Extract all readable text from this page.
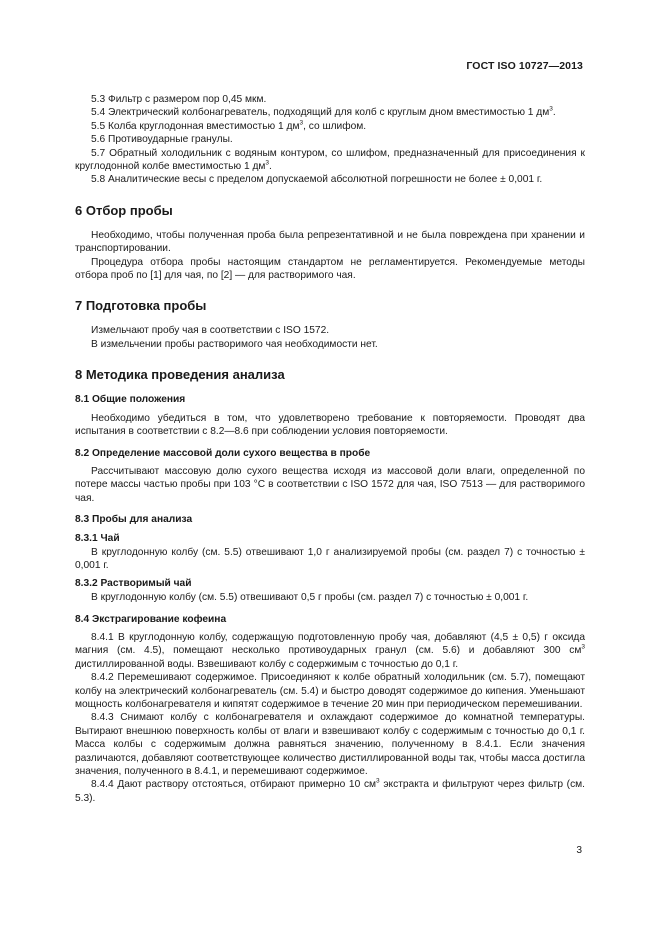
ГОСТ ISO 10727—2013

5.3 Фильтр с размером пор 0,45 мкм.

5.4 Электрический колбонагреватель, подходящий для колб с круглым дном вместимостью 1 $дм^3$.

5.5 Колба круглодонная вместимостью 1 $дм^3$, со шлифом.

5.6 Противоударные гранулы.

5.7 Обратный холодильник с водяным контуром, со шлифом, предназначенный для присоединения к круглодонной колбе вместимостью 1 $дм^3$.

5.8 Аналитические весы с пределом допускаемой абсолютной погрешности не более ± 0,001 г.

6 Отбор пробы

Необходимо, чтобы полученная проба была репрезентативной и не была повреждена при хранении и транспортировании.

Процедура отбора пробы настоящим стандартом не регламентируется. Рекомендуемые методы отбора проб по [1] для чая, по [2] — для растворимого чая.

7 Подготовка пробы

Измельчают пробу чая в соответствии с ISO 1572.

В измельчении пробы растворимого чая необходимости нет.

8 Методика проведения анализа
8.1 Общие положения

Необходимо убедиться в том, что удовлетворено требование к повторяемости. Проводят два испытания в соответствии с 8.2—8.6 при соблюдении условия повторяемости.

8.2 Определение массовой доли сухого вещества в пробе

Рассчитывают массовую долю сухого вещества исходя из массовой доли влаги, определенной по потере массы частью пробы при 103 °С в соответствии с ISO 1572 для чая, ISO 7513 — для растворимого чая.

8.3 Пробы для анализа
8.3.1 Чай

В круглодонную колбу (см. 5.5) отвешивают 1,0 г анализируемой пробы (см. раздел 7) с точностью ± 0,001 г.

8.3.2 Растворимый чай

В круглодонную колбу (см. 5.5) отвешивают 0,5 г пробы (см. раздел 7) с точностью ± 0,001 г.

8.4 Экстрагирование кофеина

8.4.1 В круглодонную колбу, содержащую подготовленную пробу чая, добавляют (4,5 ± 0,5) г оксида магния (см. 4.5), помещают несколько противоударных гранул (см. 5.6) и добавляют 300 $см^3$ дистиллированной воды. Взвешивают колбу с содержимым с точностью до 0,1 г.

8.4.2 Перемешивают содержимое. Присоединяют к колбе обратный холодильник (см. 5.7), помещают колбу на электрический колбонагреватель (см. 5.4) и быстро доводят содержимое до кипения. Уменьшают мощность колбонагревателя и кипятят содержимое в течение 20 мин при периодическом перемешивании.

8.4.3 Снимают колбу с колбонагревателя и охлаждают содержимое до комнатной температуры. Вытирают внешнюю поверхность колбы от влаги и взвешивают колбу с содержимым с точностью до 0,1 г. Масса колбы с содержимым должна равняться значению, полученному в 8.4.1. Если значения различаются, добавляют соответствующее количество дистиллированной воды так, чтобы масса достигла значения, полученного в 8.4.1, и перемешивают содержимое.

8.4.4 Дают раствору отстояться, отбирают примерно 10 $см^3$ экстракта и фильтруют через фильтр (см. 5.3).

3
